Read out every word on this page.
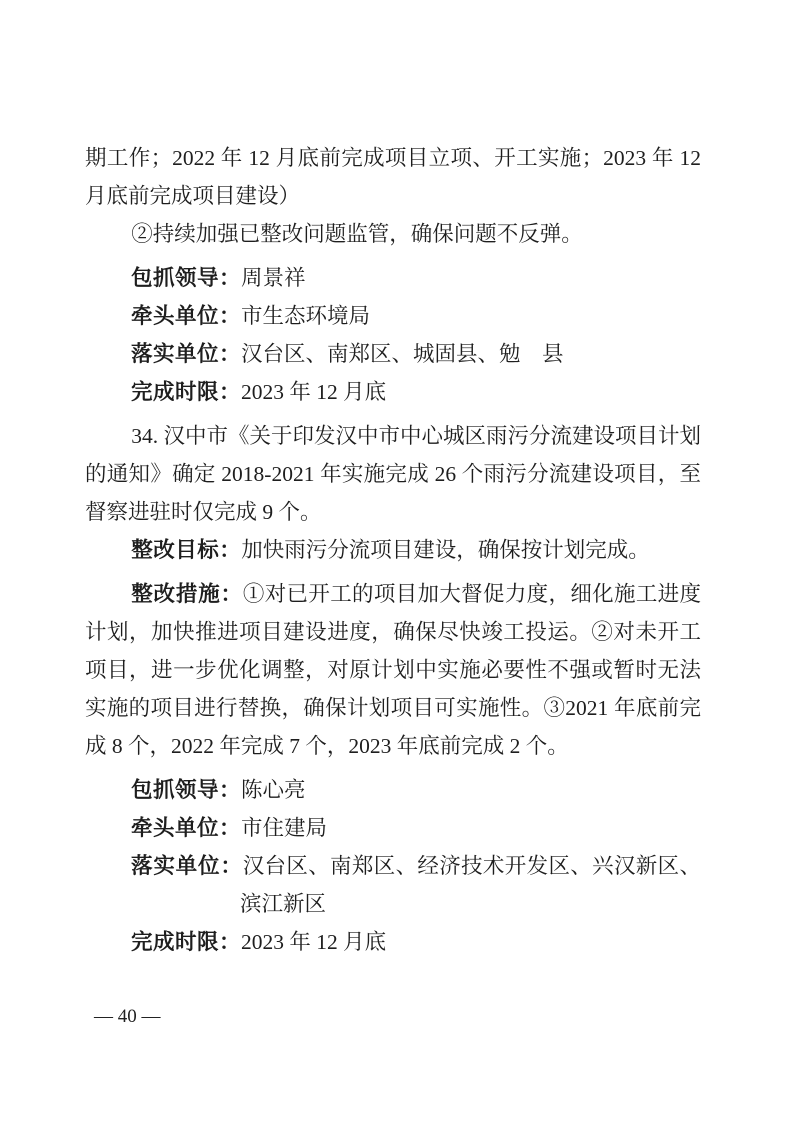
期工作；2022 年 12 月底前完成项目立项、开工实施；2023 年 12 月底前完成项目建设）

②持续加强已整改问题监管，确保问题不反弹。

包抓领导：周景祥
牵头单位：市生态环境局
落实单位：汉台区、南郑区、城固县、勉　县
完成时限：2023 年 12 月底

34. 汉中市《关于印发汉中市中心城区雨污分流建设项目计划的通知》确定 2018-2021 年实施完成 26 个雨污分流建设项目，至督察进驻时仅完成 9 个。

整改目标：加快雨污分流项目建设，确保按计划完成。

整改措施：①对已开工的项目加大督促力度，细化施工进度计划，加快推进项目建设进度，确保尽快竣工投运。②对未开工项目，进一步优化调整，对原计划中实施必要性不强或暂时无法实施的项目进行替换，确保计划项目可实施性。③2021 年底前完成 8 个，2022 年完成 7 个，2023 年底前完成 2 个。

包抓领导：陈心亮
牵头单位：市住建局
落实单位：汉台区、南郑区、经济技术开发区、兴汉新区、滨江新区
完成时限：2023 年 12 月底
— 40 —
